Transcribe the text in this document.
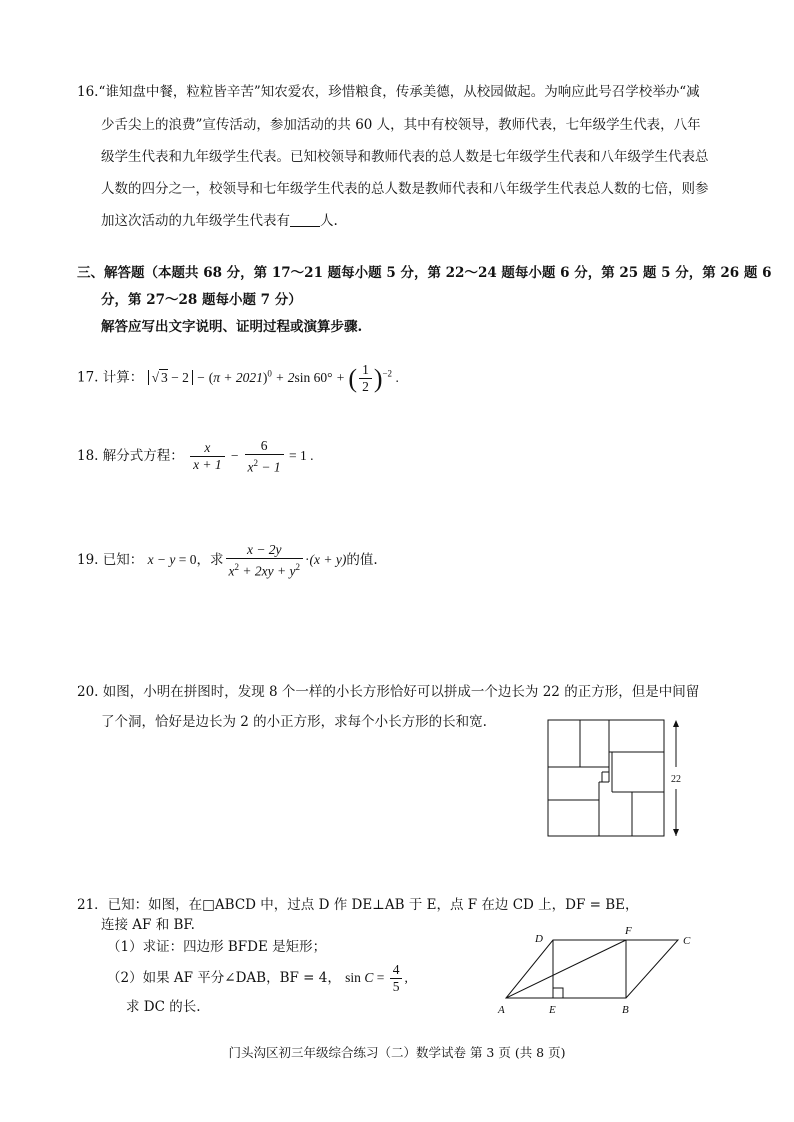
16.“谁知盘中餐，粒粒皆辛苦”知农爱农，珍惜粮食，传承美德，从校园做起。为响应此号召学校举办“减
少舌尖上的浪费”宣传活动，参加活动的共 60 人，其中有校领导，教师代表，七年级学生代表，八年
级学生代表和九年级学生代表。已知校领导和教师代表的总人数是七年级学生代表和八年级学生代表总
人数的四分之一，校领导和七年级学生代表的总人数是教师代表和八年级学生代表总人数的七倍，则参
加这次活动的九年级学生代表有 人.
三、解答题（本题共 68 分，第 17～21 题每小题 5 分，第 22～24 题每小题 6 分，第 25 题 5 分，第 26 题 6
分，第 27～28 题每小题 7 分）
解答应写出文字说明、证明过程或演算步骤.
17. 计算： √ $3 - 2 - (\pi + 2021)^0 + 2\sin$ 60° + ( $\frac{1}{2} )^{-2}$ .
18. 解分式方程： $\frac{x}{x + 1} - \frac{6}{x^2 - 1} = 1$ .
19. 已知： x − y = 0，求 $\frac{x - 2y}{x^2 + 2xy + y^2} \cdot(x + y)$的值.
20. 如图，小明在拼图时，发现 8 个一样的小长方形恰好可以拼成一个边长为 22 的正方形，但是中间留
了个洞，恰好是边长为 2 的小正方形，求每个小长方形的长和宽.
22
21．已知：如图，在□ABCD 中，过点 D 作 DE⊥AB 于 E，点 F 在边 CD 上，DF = BE，
连接 AF 和 BF.
（1）求证：四边形 BFDE 是矩形；
（2）如果 AF 平分∠DAB，BF = 4， $\sin C = \frac{4}{5}$ ,
求 DC 的长.	A	E	B
D
F
C
门头沟区初三年级综合练习（二）数学试卷 第 3 页 (共 8 页)
